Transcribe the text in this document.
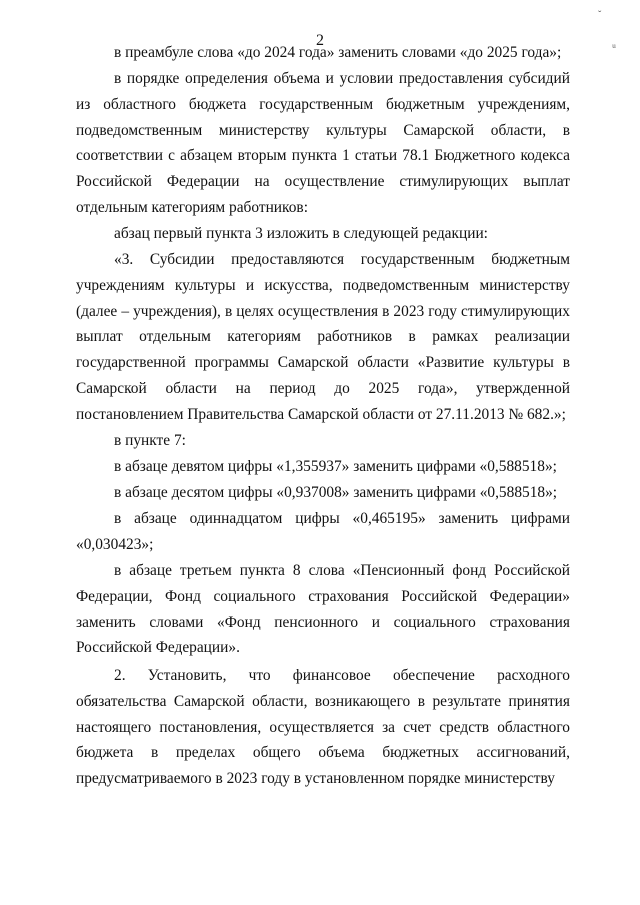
2
ˇ
ᵤ

в преамбуле слова «до 2024 года» заменить словами «до 2025 года»;

в порядке определения объема и условии предоставления субсидий из областного бюджета государственным бюджетным учреждениям, подведомственным министерству культуры Самарской области, в соответствии с абзацем вторым пункта 1 статьи 78.1 Бюджетного кодекса Российской Федерации на осуществление стимулирующих выплат отдельным категориям работников:

абзац первый пункта 3 изложить в следующей редакции:

«3. Субсидии предоставляются государственным бюджетным учреждениям культуры и искусства, подведомственным министерству (далее – учреждения), в целях осуществления в 2023 году стимулирующих выплат отдельным категориям работников в рамках реализации государственной программы Самарской области «Развитие культуры в Самарской области на период до 2025 года», утвержденной постановлением Правительства Самарской области от 27.11.2013 № 682.»;

в пункте 7:

в абзаце девятом цифры «1,355937» заменить цифрами «0,588518»;

в абзаце десятом цифры «0,937008» заменить цифрами «0,588518»;

в абзаце одиннадцатом цифры «0,465195» заменить цифрами «0,030423»;

в абзаце третьем пункта 8 слова «Пенсионный фонд Российской Федерации, Фонд социального страхования Российской Федерации» заменить словами «Фонд пенсионного и социального страхования Российской Федерации».

2. Установить, что финансовое обеспечение расходного обязательства Самарской области, возникающего в результате принятия настоящего постановления, осуществляется за счет средств областного бюджета в пределах общего объема бюджетных ассигнований, предусматриваемого в 2023 году в установленном порядке министерству
